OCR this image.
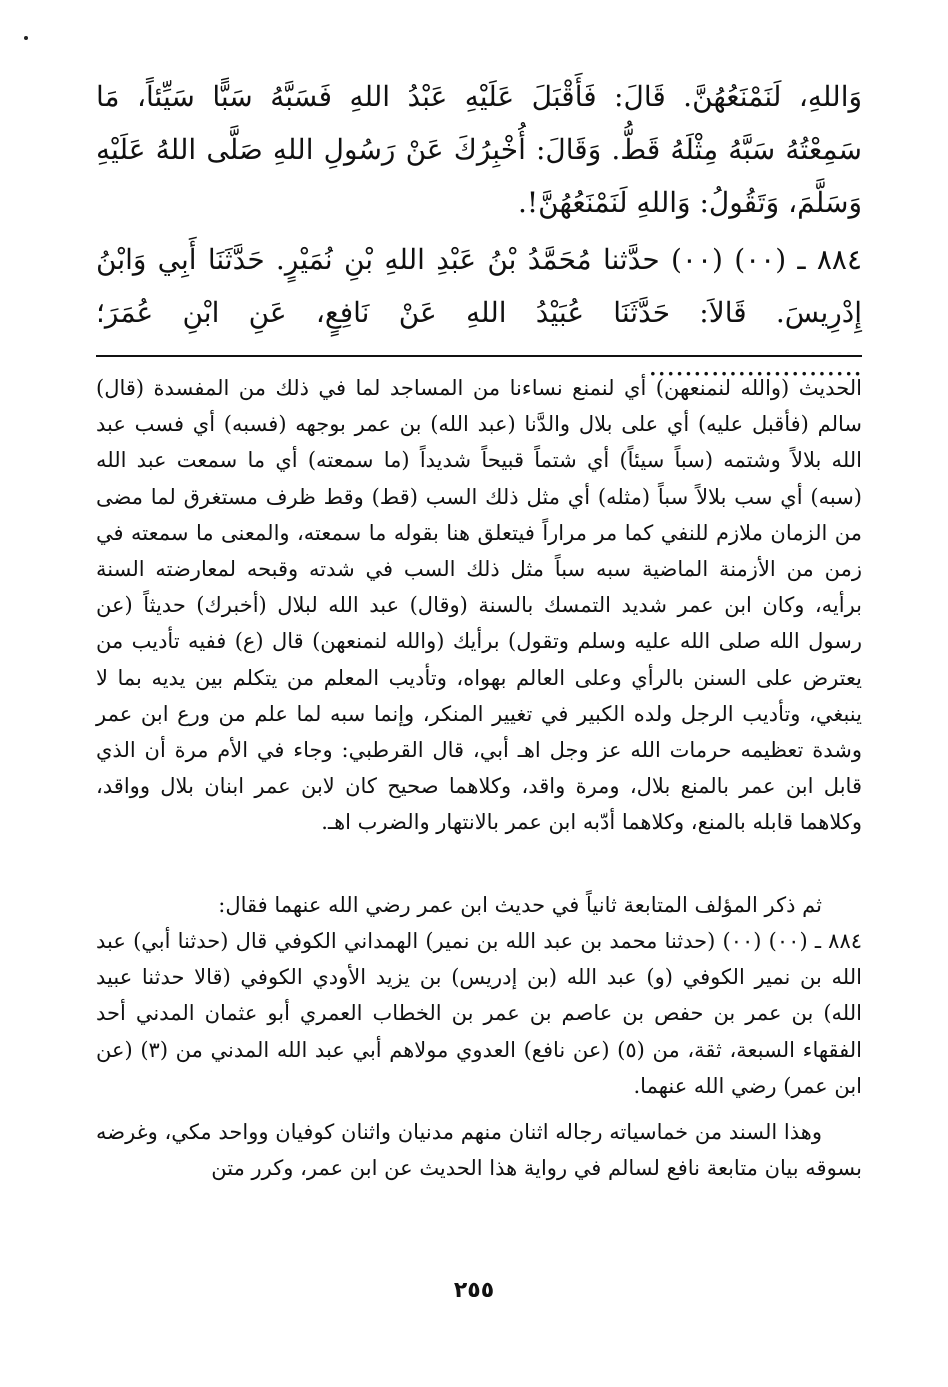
وَاللهِ، لَنَمْنَعُهُنَّ. قَالَ: فَأَقْبَلَ عَلَيْهِ عَبْدُ اللهِ فَسَبَّهُ سَبًّا سَيِّئاً، مَا سَمِعْتُهُ سَبَّهُ مِثْلَهُ قَطُّ. وَقَالَ: أُخْبِرُكَ عَنْ رَسُولِ اللهِ صَلَّى اللهُ عَلَيْهِ وَسَلَّمَ، وَتَقُولُ: وَاللهِ لَنَمْنَعُهُنَّ!.

٨٨٤ ـ (٠٠) (٠٠) حدَّثنا مُحَمَّدُ بْنُ عَبْدِ اللهِ بْنِ نُمَيْرٍ. حَدَّثَنَا أَبِي وَابْنُ إِدْرِيسَ. قَالاَ: حَدَّثَنَا عُبَيْدُ اللهِ عَنْ نَافِعٍ، عَنِ ابْنِ عُمَرَ؛ ........................

الحديث (والله لنمنعهن) أي لنمنع نساءنا من المساجد لما في ذلك من المفسدة (قال) سالم (فأقبل عليه) أي على بلال والدَّنا (عبد الله) بن عمر بوجهه (فسبه) أي فسب عبد الله بلالاً وشتمه (سباً سيئاً) أي شتماً قبيحاً شديداً (ما سمعته) أي ما سمعت عبد الله (سبه) أي سب بلالاً سباً (مثله) أي مثل ذلك السب (قط) وقط ظرف مستغرق لما مضى من الزمان ملازم للنفي كما مر مراراً فيتعلق هنا بقوله ما سمعته، والمعنى ما سمعته في زمن من الأزمنة الماضية سبه سباً مثل ذلك السب في شدته وقبحه لمعارضته السنة برأيه، وكان ابن عمر شديد التمسك بالسنة (وقال) عبد الله لبلال (أخبرك) حديثاً (عن رسول الله صلى الله عليه وسلم وتقول) برأيك (والله لنمنعهن) قال (ع) ففيه تأديب من يعترض على السنن بالرأي وعلى العالم بهواه، وتأديب المعلم من يتكلم بين يديه بما لا ينبغي، وتأديب الرجل ولده الكبير في تغيير المنكر، وإنما سبه لما علم من ورع ابن عمر وشدة تعظيمه حرمات الله عز وجل اهـ أبي، قال القرطبي: وجاء في الأم مرة أن الذي قابل ابن عمر بالمنع بلال، ومرة واقد، وكلاهما صحيح كان لابن عمر ابنان بلال وواقد، وكلاهما قابله بالمنع، وكلاهما أدّبه ابن عمر بالانتهار والضرب اهـ.

ثم ذكر المؤلف المتابعة ثانياً في حديث ابن عمر رضي الله عنهما فقال:

٨٨٤ ـ (٠٠) (٠٠) (حدثنا محمد بن عبد الله بن نمير) الهمداني الكوفي قال (حدثنا أبي) عبد الله بن نمير الكوفي (و) عبد الله (بن إدريس) بن يزيد الأودي الكوفي (قالا حدثنا عبيد الله) بن عمر بن حفص بن عاصم بن عمر بن الخطاب العمري أبو عثمان المدني أحد الفقهاء السبعة، ثقة، من (٥) (عن نافع) العدوي مولاهم أبي عبد الله المدني من (٣) (عن ابن عمر) رضي الله عنهما.

وهذا السند من خماسياته رجاله اثنان منهم مدنيان واثنان كوفيان وواحد مكي، وغرضه بسوقه بيان متابعة نافع لسالم في رواية هذا الحديث عن ابن عمر، وكرر متن

٢٥٥
